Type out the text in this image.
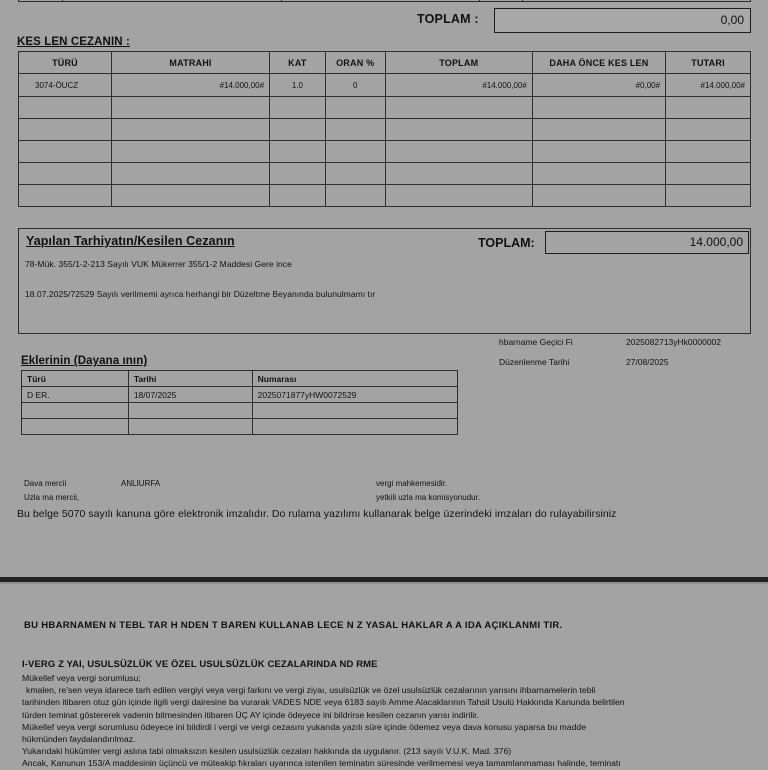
TOPLAM :	0,00
KES LEN CEZANIN :
TÜRÜ	MATRAHI	KAT	ORAN %	TOPLAM	DAHA ÖNCE KES LEN	TUTARI
3074-ÖUCZ	#14.000,00#	1.0	0	#14.000,00#	#0,00#	#14.000,00#

Yapılan Tarhiyatın/Kesilen Cezanın	TOPLAM:	14.000,00
78-Mük. 355/1-2-213 Sayılı VUK Mükerrer 355/1-2 Maddesi Gere ince
18.07.2025/72529 Sayılı verilmemi ayrıca herhangi bir Düzeltme Beyanında bulunulmamı tır
hbarname Geçici Fi	2025082713yHk0000002
Düzenlenme Tarihi	27/08/2025
Eklerinin (Dayana ının)
Türü	Tarihi	Numarası
D ER.	18/07/2025	2025071877yHW0072529

Dava mercii	ANLIURFA	vergi mahkemesidir.
Uzla ma mercii,	yetkili uzla ma komisyonudur.
Bu belge 5070 sayılı kanuna göre elektronik imzalıdır. Do rulama yazılımı kullanarak belge üzerindeki imzaları do rulayabilirsiniz
BU HBARNAMEN N TEBL TAR H NDEN T BAREN KULLANAB LECE N Z YASAL HAKLAR A A IDA AÇIKLANMI TIR.
I-VERG Z YAI, USULSÜZLÜK VE ÖZEL USULSÜZLÜK CEZALARINDA ND RME
Mükellef veya vergi sorumlusu;
kmalen, re'sen veya idarece tarh edilen vergiyi veya vergi farkını ve vergi ziyaı, usulsüzlük ve özel usulsüzlük cezalarının yarısını ihbarnamelerin tebli
tarihinden itibaren otuz gün içinde ilgili vergi dairesine ba vurarak VADES NDE veya 6183 sayılı Amme Alacaklarının Tahsil Usulü Hakkında Kanunda belirtilen
türden teminat göstererek vadenin bitmesinden itibaren ÜÇ AY içinde ödeyece ini bildrirse kesilen cezanın yarısı indirilir.
Mükellef veya vergi sorumlusu ödeyece ini bildirdi i vergi ve vergi cezasını yukarıda yazılı süre içinde ödemez veya dava konusu yaparsa bu madde
hükmünden faydalandırılmaz.
Yukarıdaki hükümler vergi aslına tabi olmaksızın kesilen usulsüzlük cezaları hakkında da uygulanır. (213 sayılı V.U.K. Mad. 376)
Ancak, Kanunun 153/A maddesinin üçüncü ve müteakip fıkraları uyarınca istenilen teminatın süresinde verilmemesi veya tamamlanmaması halinde, teminatı
